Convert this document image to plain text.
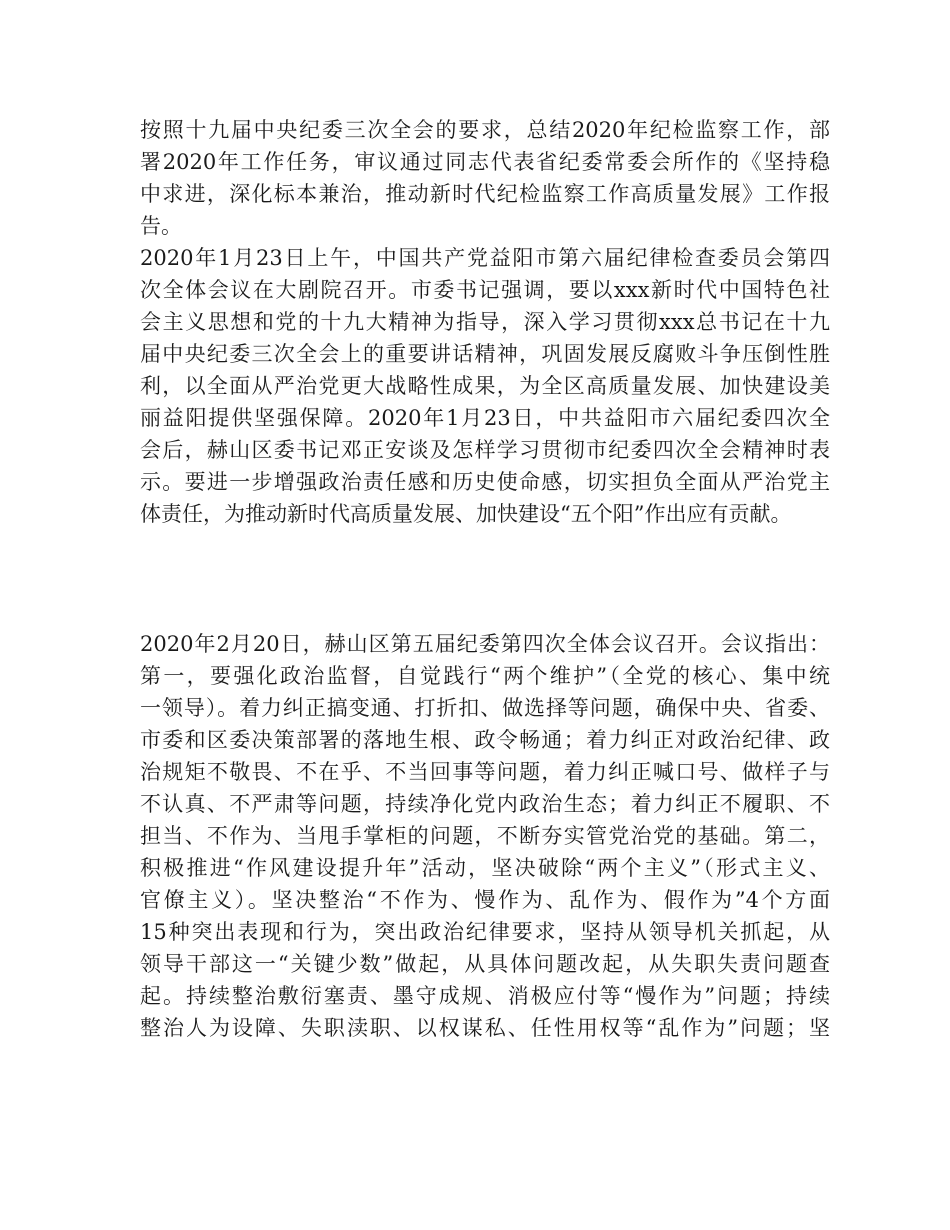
按照十九届中央纪委三次全会的要求，总结2020年纪检监察工作，部
署2020年工作任务，审议通过同志代表省纪委常委会所作的《坚持稳
中求进，深化标本兼治，推动新时代纪检监察工作高质量发展》工作报
告。
2020年1月23日上午，中国共产党益阳市第六届纪律检查委员会第四
次全体会议在大剧院召开。市委书记强调，要以xxx新时代中国特色社
会主义思想和党的十九大精神为指导，深入学习贯彻xxx总书记在十九
届中央纪委三次全会上的重要讲话精神，巩固发展反腐败斗争压倒性胜
利，以全面从严治党更大战略性成果，为全区高质量发展、加快建设美
丽益阳提供坚强保障。2020年1月23日，中共益阳市六届纪委四次全
会后，赫山区委书记邓正安谈及怎样学习贯彻市纪委四次全会精神时表
示。要进一步增强政治责任感和历史使命感，切实担负全面从严治党主
体责任，为推动新时代高质量发展、加快建设“五个阳”作出应有贡献。
2020年2月20日，赫山区第五届纪委第四次全体会议召开。会议指出：
第一，要强化政治监督，自觉践行“两个维护”（全党的核心、集中统
一领导）。着力纠正搞变通、打折扣、做选择等问题，确保中央、省委、
市委和区委决策部署的落地生根、政令畅通；着力纠正对政治纪律、政
治规矩不敬畏、不在乎、不当回事等问题，着力纠正喊口号、做样子与
不认真、不严肃等问题，持续净化党内政治生态；着力纠正不履职、不
担当、不作为、当甩手掌柜的问题，不断夯实管党治党的基础。第二，
积极推进“作风建设提升年”活动，坚决破除“两个主义”（形式主义、
官僚主义）。坚决整治“不作为、慢作为、乱作为、假作为”4个方面
15种突出表现和行为，突出政治纪律要求，坚持从领导机关抓起，从
领导干部这一“关键少数”做起，从具体问题改起，从失职失责问题查
起。持续整治敷衍塞责、墨守成规、消极应付等“慢作为”问题；持续
整治人为设障、失职渎职、以权谋私、任性用权等“乱作为”问题；坚
